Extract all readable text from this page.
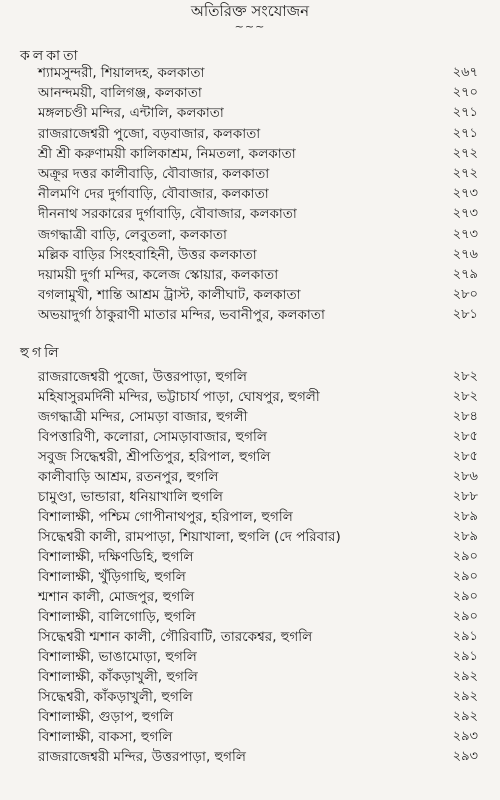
অতিরিক্ত সংযোজন
~~~
কলকাতা
শ্যামসুন্দরী, শিয়ালদহ, কলকাতা	২৬৭
আনন্দময়ী, বালিগঞ্জ, কলকাতা	২৭০
মঙ্গলচণ্ডী মন্দির, এন্টালি, কলকাতা	২৭১
রাজরাজেশ্বরী পুজো, বড়বাজার, কলকাতা	২৭১
শ্রী শ্রী করুণাময়ী কালিকাশ্রম, নিমতলা, কলকাতা	২৭২
অক্রূর দত্তর কালীবাড়ি, বৌবাজার, কলকাতা	২৭২
নীলমণি দের দুর্গাবাড়ি, বৌবাজার, কলকাতা	২৭৩
দীননাথ সরকারের দুর্গাবাড়ি, বৌবাজার, কলকাতা	২৭৩
জগদ্ধাত্রী বাড়ি, লেবুতলা, কলকাতা	২৭৩
মল্লিক বাড়ির সিংহবাহিনী, উত্তর কলকাতা	২৭৬
দয়াময়ী দুর্গা মন্দির, কলেজ স্কোয়ার, কলকাতা	২৭৯
বগলামুখী, শান্তি আশ্রম ট্রাস্ট, কালীঘাট, কলকাতা	২৮০
অভয়াদুর্গা ঠাকুরাণী মাতার মন্দির, ভবানীপুর, কলকাতা	২৮১
হুগলি
রাজরাজেশ্বরী পুজো, উত্তরপাড়া, হুগলি	২৮২
মহিষাসুরমর্দিনী মন্দির, ভট্টাচার্য পাড়া, ঘোষপুর, হুগলী	২৮২
জগদ্ধাত্রী মন্দির, সোমড়া বাজার, হুগলী	২৮৪
বিপত্তারিণী, কলোরা, সোমড়াবাজার, হুগলি	২৮৫
সবুজ সিদ্ধেশ্বরী, শ্রীপতিপুর, হরিপাল, হুগলি	২৮৫
কালীবাড়ি আশ্রম, রতনপুর, হুগলি	২৮৬
চামুণ্ডা, ভান্ডারা, ধনিয়াখালি হুগলি	২৮৮
বিশালাক্ষী, পশ্চিম গোপীনাথপুর, হরিপাল, হুগলি	২৮৯
সিদ্ধেশ্বরী কালী, রামপাড়া, শিয়াখালা, হুগলি (দে পরিবার)	২৮৯
বিশালাক্ষী, দক্ষিণডিহি, হুগলি	২৯০
বিশালাক্ষী, খুঁড়িগাছি, হুগলি	২৯০
শ্মশান কালী, মোজপুর, হুগলি	২৯০
বিশালাক্ষী, বালিগোড়ি, হুগলি	২৯০
সিদ্ধেশ্বরী শ্মশান কালী, গৌরিবাটি, তারকেশ্বর, হুগলি	২৯১
বিশালাক্ষী, ভাঙামোড়া, হুগলি	২৯১
বিশালাক্ষী, কাঁকড়াখুলী, হুগলি	২৯২
সিদ্ধেশ্বরী, কাঁকড়াখুলী, হুগলি	২৯২
বিশালাক্ষী, গুড়াপ, হুগলি	২৯২
বিশালাক্ষী, বাকসা, হুগলি	২৯৩
রাজরাজেশ্বরী মন্দির, উত্তরপাড়া, হুগলি	২৯৩
